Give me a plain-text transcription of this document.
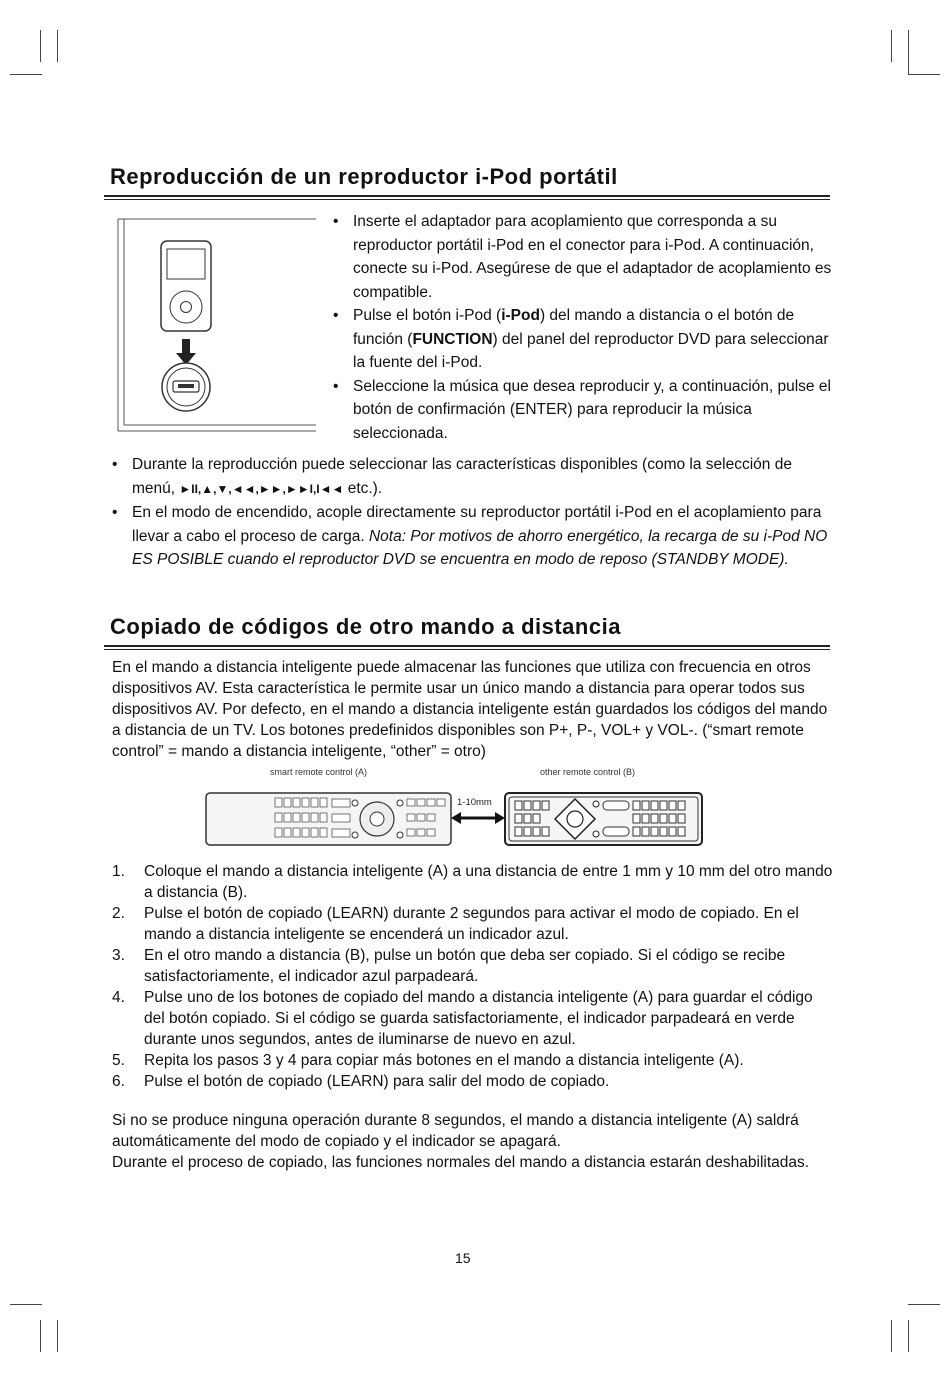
Reproducción de un reproductor i-Pod portátil
• Inserte el adaptador para acoplamiento que corresponda a su reproductor portátil i-Pod en el conector para i-Pod. A continuación, conecte su i-Pod. Asegúrese de que el adaptador de acoplamiento es compatible.
• Pulse el botón i-Pod (i-Pod) del mando a distancia o el botón de función (FUNCTION) del panel del reproductor DVD para seleccionar la fuente del i-Pod.
• Seleccione la música que desea reproducir y, a continuación, pulse el botón de confirmación (ENTER) para reproducir la música seleccionada.
• Durante la reproducción puede seleccionar las características disponibles (como la selección de menú, ►II,▲,▼,◄◄,►►,►►I,I◄◄ etc.).
• En el modo de encendido, acople directamente su reproductor portátil i-Pod en el acoplamiento para llevar a cabo el proceso de carga. Nota: Por motivos de ahorro energético, la recarga de su i-Pod NO ES POSIBLE cuando el reproductor DVD se encuentra en modo de reposo (STANDBY MODE).
Copiado de códigos de otro mando a distancia
En el mando a distancia inteligente puede almacenar las funciones que utiliza con frecuencia en otros dispositivos AV. Esta característica le permite usar un único mando a distancia para operar todos sus dispositivos AV. Por defecto, en el mando a distancia inteligente están guardados los códigos del mando a distancia de un TV. Los botones predefinidos disponibles son P+, P-, VOL+ y VOL-. (“smart remote control” = mando a distancia inteligente, “other” = otro)
smart remote control (A)	other remote control (B)
1-10mm
1. Coloque el mando a distancia inteligente (A) a una distancia de entre 1 mm y 10 mm del otro mando a distancia (B).
2. Pulse el botón de copiado (LEARN) durante 2 segundos para activar el modo de copiado. En el mando a distancia inteligente se encenderá un indicador azul.
3. En el otro mando a distancia (B), pulse un botón que deba ser copiado. Si el código se recibe satisfactoriamente, el indicador azul parpadeará.
4. Pulse uno de los botones de copiado del mando a distancia inteligente (A) para guardar el código del botón copiado. Si el código se guarda satisfactoriamente, el indicador parpadeará en verde durante unos segundos, antes de iluminarse de nuevo en azul.
5. Repita los pasos 3 y 4 para copiar más botones en el mando a distancia inteligente (A).
6. Pulse el botón de copiado (LEARN) para salir del modo de copiado.
Si no se produce ninguna operación durante 8 segundos, el mando a distancia inteligente (A) saldrá automáticamente del modo de copiado y el indicador se apagará.
Durante el proceso de copiado, las funciones normales del mando a distancia estarán deshabilitadas.
15
